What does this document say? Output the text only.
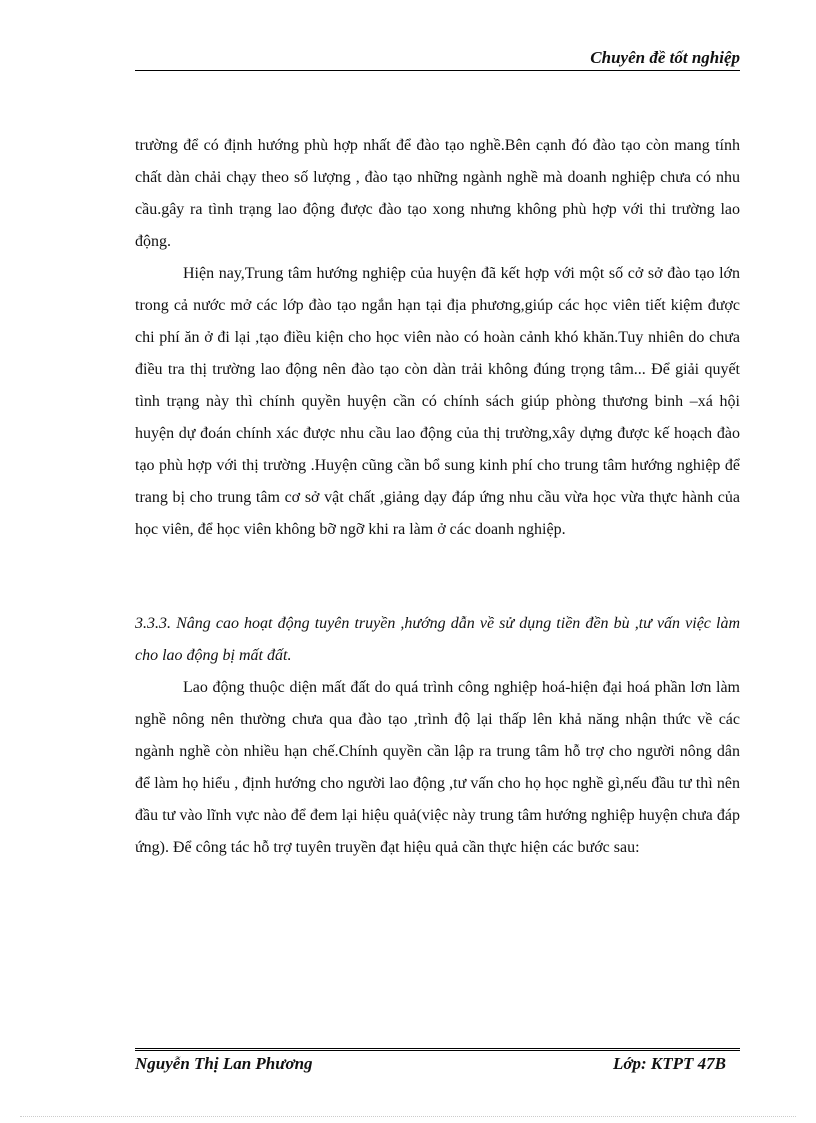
Chuyên đề tốt nghiệp

trường để có định hướng phù hợp nhất để đào tạo nghề.Bên cạnh đó đào tạo còn mang tính chất dàn chải chạy theo số lượng , đào tạo những ngành nghề mà doanh nghiệp chưa có nhu cầu.gây ra tình trạng lao động được đào tạo xong nhưng không phù hợp với thi trường lao động.

Hiện nay,Trung tâm hướng nghiệp của huyện đã kết hợp với một số cở sở đào tạo lớn trong cả nước mở các lớp đào tạo ngắn hạn tại địa phương,giúp các học viên tiết kiệm được chi phí ăn ở đi lại ,tạo điều kiện cho học viên nào có hoàn cảnh khó khăn.Tuy nhiên do chưa điều tra thị trường lao động nên đào tạo còn dàn trải không đúng trọng tâm... Để giải quyết tình trạng này thì chính quyền huyện cần có chính sách giúp phòng thương binh –xá hội huyện dự đoán chính xác được nhu cầu lao động của thị trường,xây dựng được kế hoạch đào tạo phù hợp với thị trường .Huyện cũng cần bổ sung kinh phí cho trung tâm hướng nghiệp để trang bị cho trung tâm cơ sở vật chất ,giảng dạy đáp ứng nhu cầu vừa học vừa thực hành của học viên, để học viên không bỡ ngỡ khi ra làm ở các doanh nghiệp.

3.3.3. Nâng cao hoạt động tuyên truyền ,hướng dẫn về sử dụng tiền đền bù ,tư vấn việc làm cho lao động bị mất đất.

Lao động thuộc diện mất đất do quá trình công nghiệp hoá-hiện đại hoá phần lơn làm nghề nông nên thường chưa qua đào tạo ,trình độ lại thấp lên khả năng nhận thức về các ngành nghề còn nhiều hạn chế.Chính quyền cần lập ra trung tâm hỗ trợ cho người nông dân để làm họ hiểu , định hướng cho người lao động ,tư vấn cho họ học nghề gì,nếu đầu tư thì nên đầu tư vào lĩnh vực nào để đem lại hiệu quả(việc này trung tâm hướng nghiệp huyện chưa đáp ứng). Để công tác hỗ trợ tuyên truyền đạt hiệu quả cần thực hiện các bước sau:

Nguyễn Thị Lan Phương	Lớp: KTPT 47B
